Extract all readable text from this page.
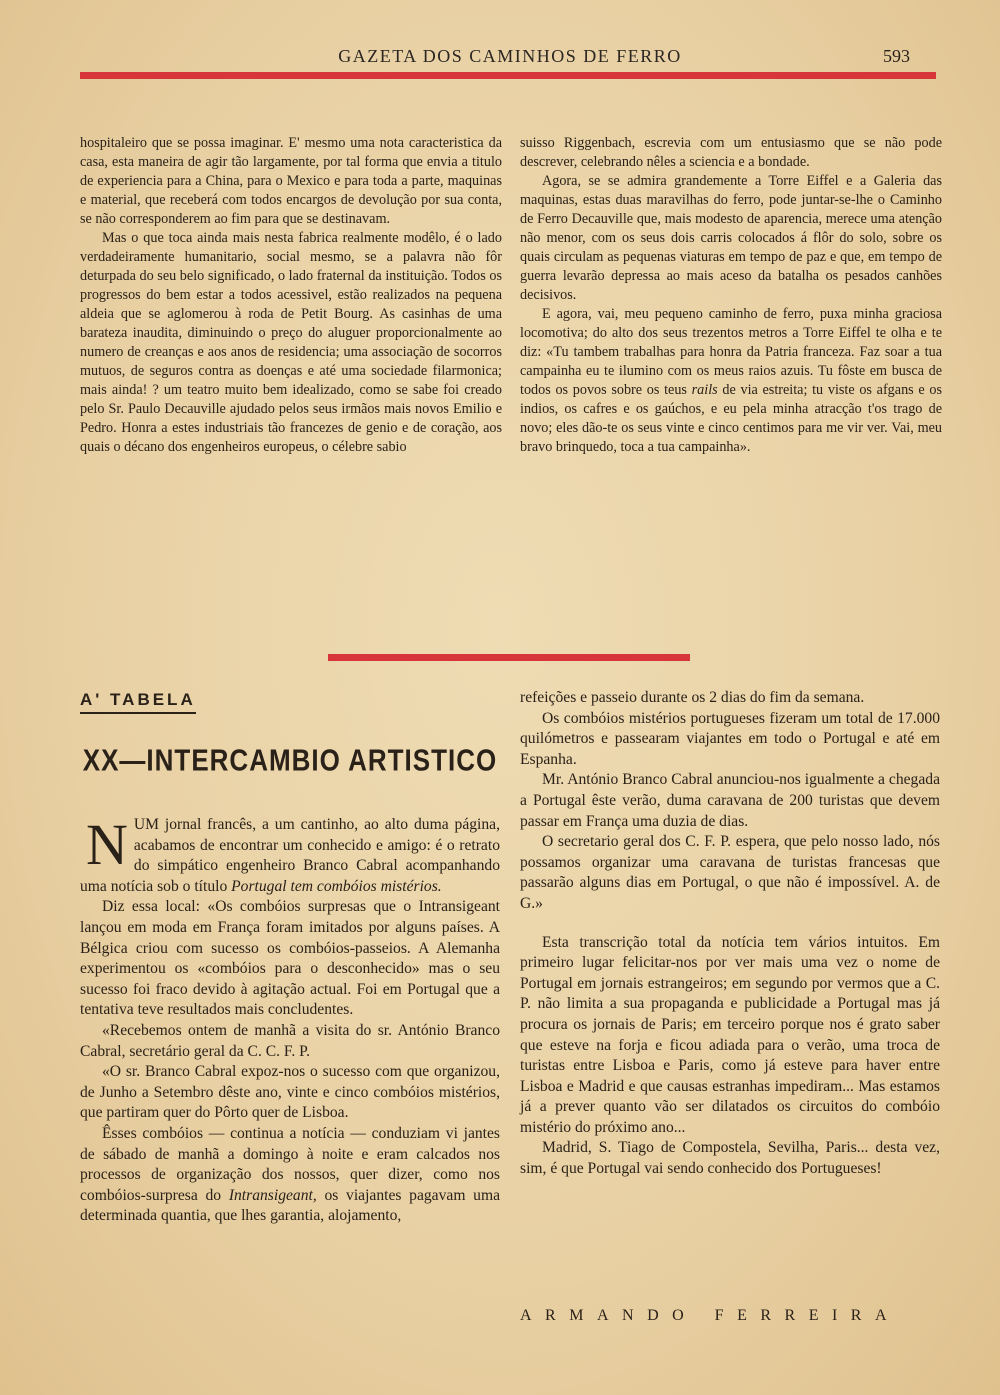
GAZETA DOS CAMINHOS DE FERRO	593

hospitaleiro que se possa imaginar. E' mesmo uma nota caracteristica da casa, esta maneira de agir tão largamente, por tal forma que envia a titulo de experiencia para a China, para o Mexico e para toda a parte, maquinas e material, que receberá com todos encargos de devolução por sua conta, se não corresponderem ao fim para que se destinavam.

Mas o que toca ainda mais nesta fabrica realmente modêlo, é o lado verdadeiramente humanitario, social mesmo, se a palavra não fôr deturpada do seu belo significado, o lado fraternal da instituição. Todos os progressos do bem estar a todos acessivel, estão realizados na pequena aldeia que se aglomerou à roda de Petit Bourg. As casinhas de uma barateza inaudita, diminuindo o preço do aluguer proporcionalmente ao numero de creanças e aos anos de residencia; uma associação de socorros mutuos, de seguros contra as doenças e até uma sociedade filarmonica; mais ainda! ? um teatro muito bem idealizado, como se sabe foi creado pelo Sr. Paulo Decauville ajudado pelos seus irmãos mais novos Emilio e Pedro. Honra a estes industriais tão francezes de genio e de coração, aos quais o décano dos engenheiros europeus, o célebre sabio

suisso Riggenbach, escrevia com um entusiasmo que se não pode descrever, celebrando nêles a sciencia e a bondade.

Agora, se se admira grandemente a Torre Eiffel e a Galeria das maquinas, estas duas maravilhas do ferro, pode juntar-se-lhe o Caminho de Ferro Decauville que, mais modesto de aparencia, merece uma atenção não menor, com os seus dois carris colocados á flôr do solo, sobre os quais circulam as pequenas viaturas em tempo de paz e que, em tempo de guerra levarão depressa ao mais aceso da batalha os pesados canhões decisivos.

E agora, vai, meu pequeno caminho de ferro, puxa minha graciosa locomotiva; do alto dos seus trezentos metros a Torre Eiffel te olha e te diz: «Tu tambem trabalhas para honra da Patria franceza. Faz soar a tua campainha eu te ilumino com os meus raios azuis. Tu fôste em busca de todos os povos sobre os teus rails de via estreita; tu viste os afgans e os indios, os cafres e os gaúchos, e eu pela minha atracção t'os trago de novo; eles dão-te os seus vinte e cinco centimos para me vir ver. Vai, meu bravo brinquedo, toca a tua campainha».

A' TABELA
XX—INTERCAMBIO ARTISTICO

NUM jornal francês, a um cantinho, ao alto duma página, acabamos de encontrar um conhecido e amigo: é o retrato do simpático engenheiro Branco Cabral acompanhando uma notícia sob o título Portugal tem combóios mistérios.

Diz essa local: «Os combóios surpresas que o Intransigeant lançou em moda em França foram imitados por alguns países. A Bélgica criou com sucesso os combóios-passeios. A Alemanha experimentou os «combóios para o desconhecido» mas o seu sucesso foi fraco devido à agitação actual. Foi em Portugal que a tentativa teve resultados mais concludentes.

«Recebemos ontem de manhã a visita do sr. António Branco Cabral, secretário geral da C. C. F. P.

«O sr. Branco Cabral expoz-nos o sucesso com que organizou, de Junho a Setembro dêste ano, vinte e cinco combóios mistérios, que partiram quer do Pôrto quer de Lisboa.

Êsses combóios — continua a notícia — conduziam vi jantes de sábado de manhã a domingo à noite e eram calcados nos processos de organização dos nossos, quer dizer, como nos combóios-surpresa do Intransigeant, os viajantes pagavam uma determinada quantia, que lhes garantia, alojamento,

refeições e passeio durante os 2 dias do fim da semana.

Os combóios mistérios portugueses fizeram um total de 17.000 quilómetros e passearam viajantes em todo o Portugal e até em Espanha.

Mr. António Branco Cabral anunciou-nos igualmente a chegada a Portugal êste verão, duma caravana de 200 turistas que devem passar em França uma duzia de dias.

O secretario geral dos C. F. P. espera, que pelo nosso lado, nós possamos organizar uma caravana de turistas francesas que passarão alguns dias em Portugal, o que não é impossível. A. de G.»

Esta transcrição total da notícia tem vários intuitos. Em primeiro lugar felicitar-nos por ver mais uma vez o nome de Portugal em jornais estrangeiros; em segundo por vermos que a C. P. não limita a sua propaganda e publicidade a Portugal mas já procura os jornais de Paris; em terceiro porque nos é grato saber que esteve na forja e ficou adiada para o verão, uma troca de turistas entre Lisboa e Paris, como já esteve para haver entre Lisboa e Madrid e que causas estranhas impediram... Mas estamos já a prever quanto vão ser dilatados os circuitos do combóio mistério do próximo ano...

Madrid, S. Tiago de Compostela, Sevilha, Paris... desta vez, sim, é que Portugal vai sendo conhecido dos Portugueses!

ARMANDO FERREIRA
